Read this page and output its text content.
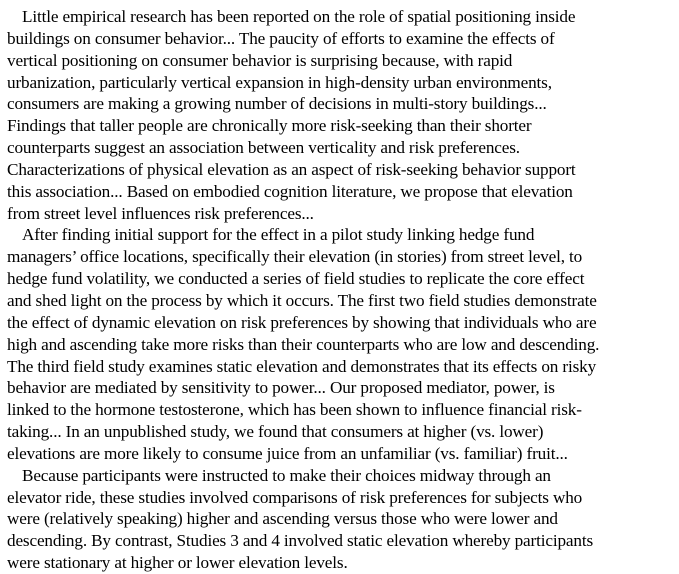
Little empirical research has been reported on the role of spatial positioning inside
buildings on consumer behavior... The paucity of efforts to examine the effects of
vertical positioning on consumer behavior is surprising because, with rapid
urbanization, particularly vertical expansion in high-density urban environments,
consumers are making a growing number of decisions in multi-story buildings...
Findings that taller people are chronically more risk-seeking than their shorter
counterparts suggest an association between verticality and risk preferences.
Characterizations of physical elevation as an aspect of risk-seeking behavior support
this association... Based on embodied cognition literature, we propose that elevation
from street level influences risk preferences...
After finding initial support for the effect in a pilot study linking hedge fund
managers’ office locations, specifically their elevation (in stories) from street level, to
hedge fund volatility, we conducted a series of field studies to replicate the core effect
and shed light on the process by which it occurs. The first two field studies demonstrate
the effect of dynamic elevation on risk preferences by showing that individuals who are
high and ascending take more risks than their counterparts who are low and descending.
The third field study examines static elevation and demonstrates that its effects on risky
behavior are mediated by sensitivity to power... Our proposed mediator, power, is
linked to the hormone testosterone, which has been shown to influence financial risk-
taking... In an unpublished study, we found that consumers at higher (vs. lower)
elevations are more likely to consume juice from an unfamiliar (vs. familiar) fruit...
Because participants were instructed to make their choices midway through an
elevator ride, these studies involved comparisons of risk preferences for subjects who
were (relatively speaking) higher and ascending versus those who were lower and
descending. By contrast, Studies 3 and 4 involved static elevation whereby participants
were stationary at higher or lower elevation levels.
